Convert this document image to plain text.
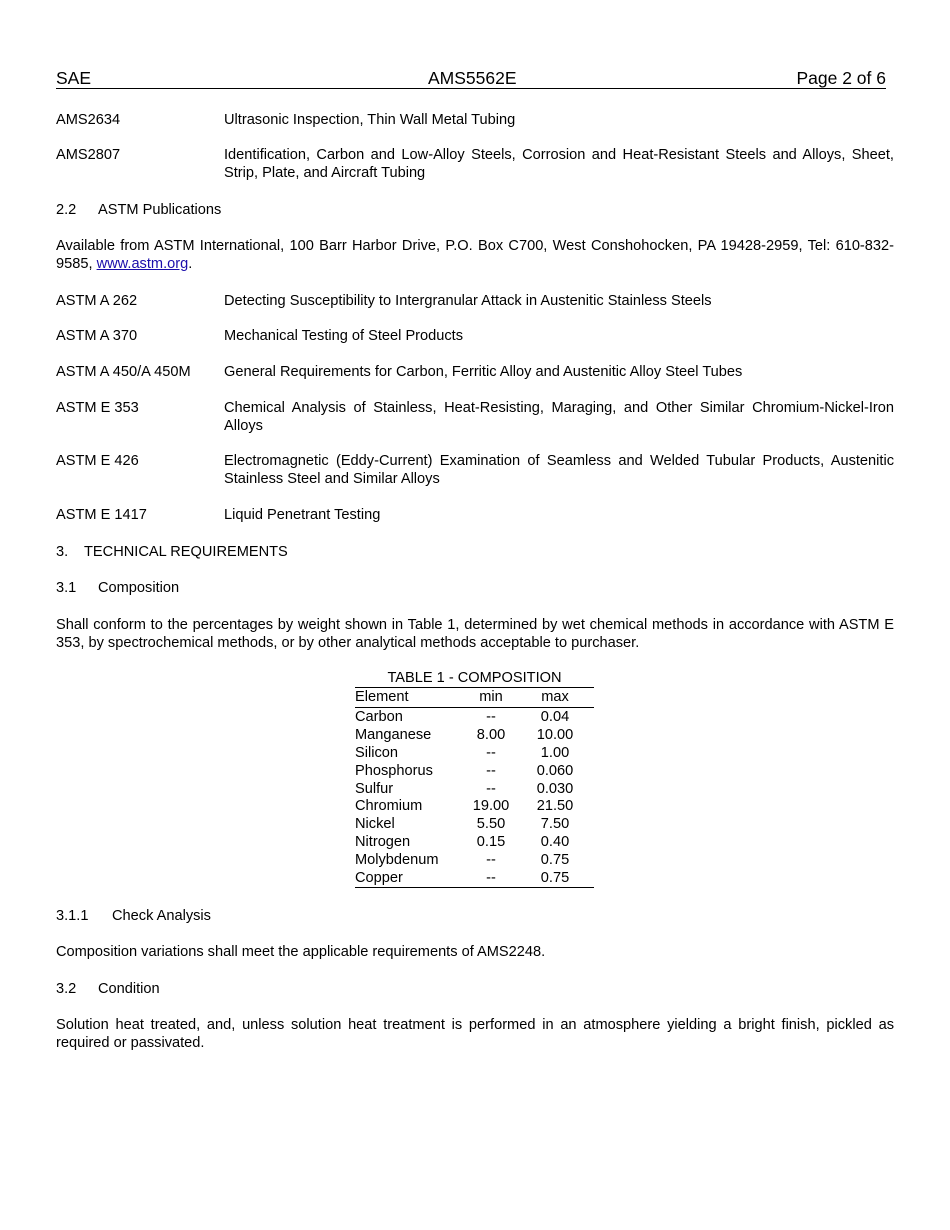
SAE	AMS5562E	Page 2 of 6
AMS2634	Ultrasonic Inspection, Thin Wall Metal Tubing
AMS2807	Identification, Carbon and Low-Alloy Steels, Corrosion and Heat-Resistant Steels and Alloys, Sheet, Strip, Plate, and Aircraft Tubing
2.2 ASTM Publications
Available from ASTM International, 100 Barr Harbor Drive, P.O. Box C700, West Conshohocken, PA 19428-2959, Tel: 610-832-9585, www.astm.org.
ASTM A 262	Detecting Susceptibility to Intergranular Attack in Austenitic Stainless Steels
ASTM A 370	Mechanical Testing of Steel Products
ASTM A 450/A 450M General Requirements for Carbon, Ferritic Alloy and Austenitic Alloy Steel Tubes
ASTM E 353	Chemical Analysis of Stainless, Heat-Resisting, Maraging, and Other Similar Chromium-Nickel-Iron Alloys
ASTM E 426	Electromagnetic (Eddy-Current) Examination of Seamless and Welded Tubular Products, Austenitic Stainless Steel and Similar Alloys
ASTM E 1417	Liquid Penetrant Testing
3. TECHNICAL REQUIREMENTS
3.1 Composition
Shall conform to the percentages by weight shown in Table 1, determined by wet chemical methods in accordance with ASTM E 353, by spectrochemical methods, or by other analytical methods acceptable to purchaser.
TABLE 1 - COMPOSITION
Element	min	max
Carbon	--	0.04
Manganese	8.00	10.00
Silicon	--	1.00
Phosphorus	--	0.060
Sulfur	--	0.030
Chromium	19.00	21.50
Nickel	5.50	7.50
Nitrogen	0.15	0.40
Molybdenum	--	0.75
Copper	--	0.75
3.1.1 Check Analysis
Composition variations shall meet the applicable requirements of AMS2248.
3.2 Condition
Solution heat treated, and, unless solution heat treatment is performed in an atmosphere yielding a bright finish, pickled as required or passivated.
